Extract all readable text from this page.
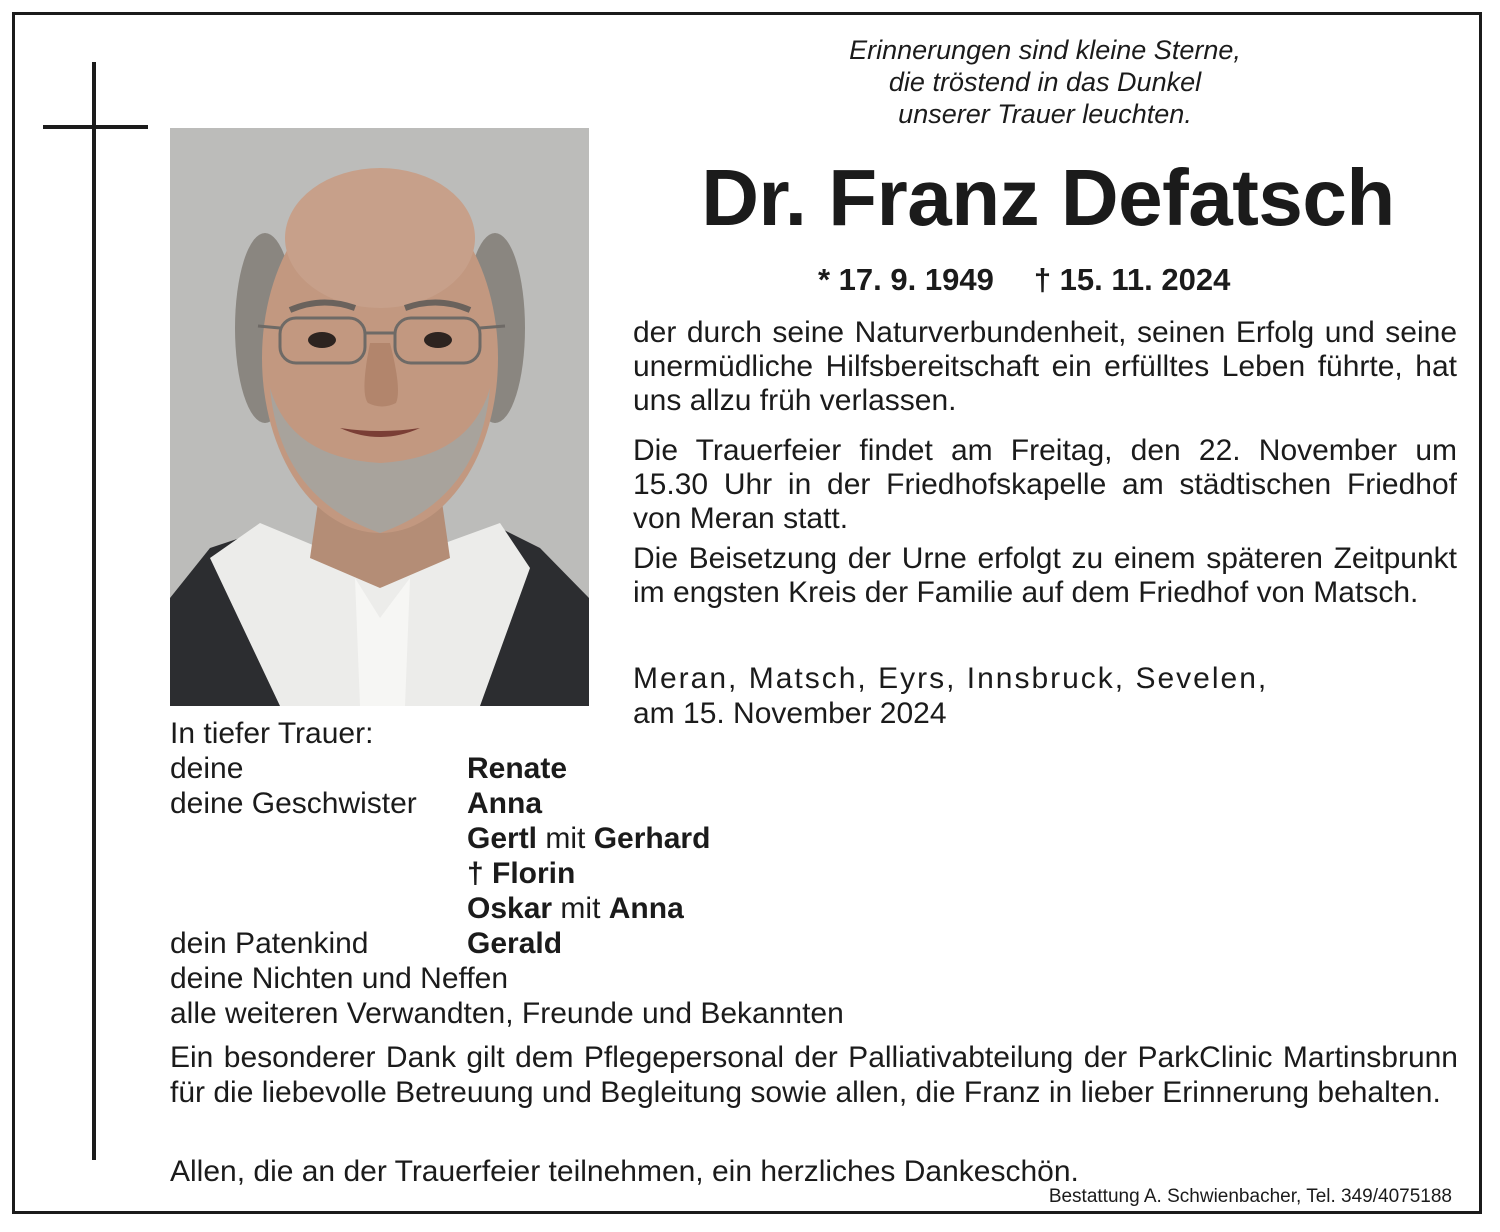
Erinnerungen sind kleine Sterne,
die tröstend in das Dunkel
unserer Trauer leuchten.
Dr. Franz Defatsch
* 17. 9. 1949 † 15. 11. 2024
der durch seine Naturverbundenheit, seinen Erfolg und seine unermüdliche Hilfsbereitschaft ein erfülltes Leben führte, hat uns allzu früh verlassen.
Die Trauerfeier findet am Freitag, den 22. November um 15.30 Uhr in der Friedhofskapelle am städtischen Friedhof von Meran statt.
Die Beisetzung der Urne erfolgt zu einem späteren Zeitpunkt im engsten Kreis der Familie auf dem Friedhof von Matsch.
Meran, Matsch, Eyrs, Innsbruck, Sevelen,
am 15. November 2024
In tiefer Trauer:
deine	Renate
deine Geschwister Anna
Gertl mit Gerhard
† Florin
Oskar mit Anna
dein Patenkind	Gerald
deine Nichten und Neffen
alle weiteren Verwandten, Freunde und Bekannten
Ein besonderer Dank gilt dem Pflegepersonal der Palliativabteilung der ParkClinic Martinsbrunn für die liebevolle Betreuung und Begleitung sowie allen, die Franz in lieber Erinnerung behalten.
Allen, die an der Trauerfeier teilnehmen, ein herzliches Dankeschön.
Bestattung A. Schwienbacher, Tel. 349/4075188
